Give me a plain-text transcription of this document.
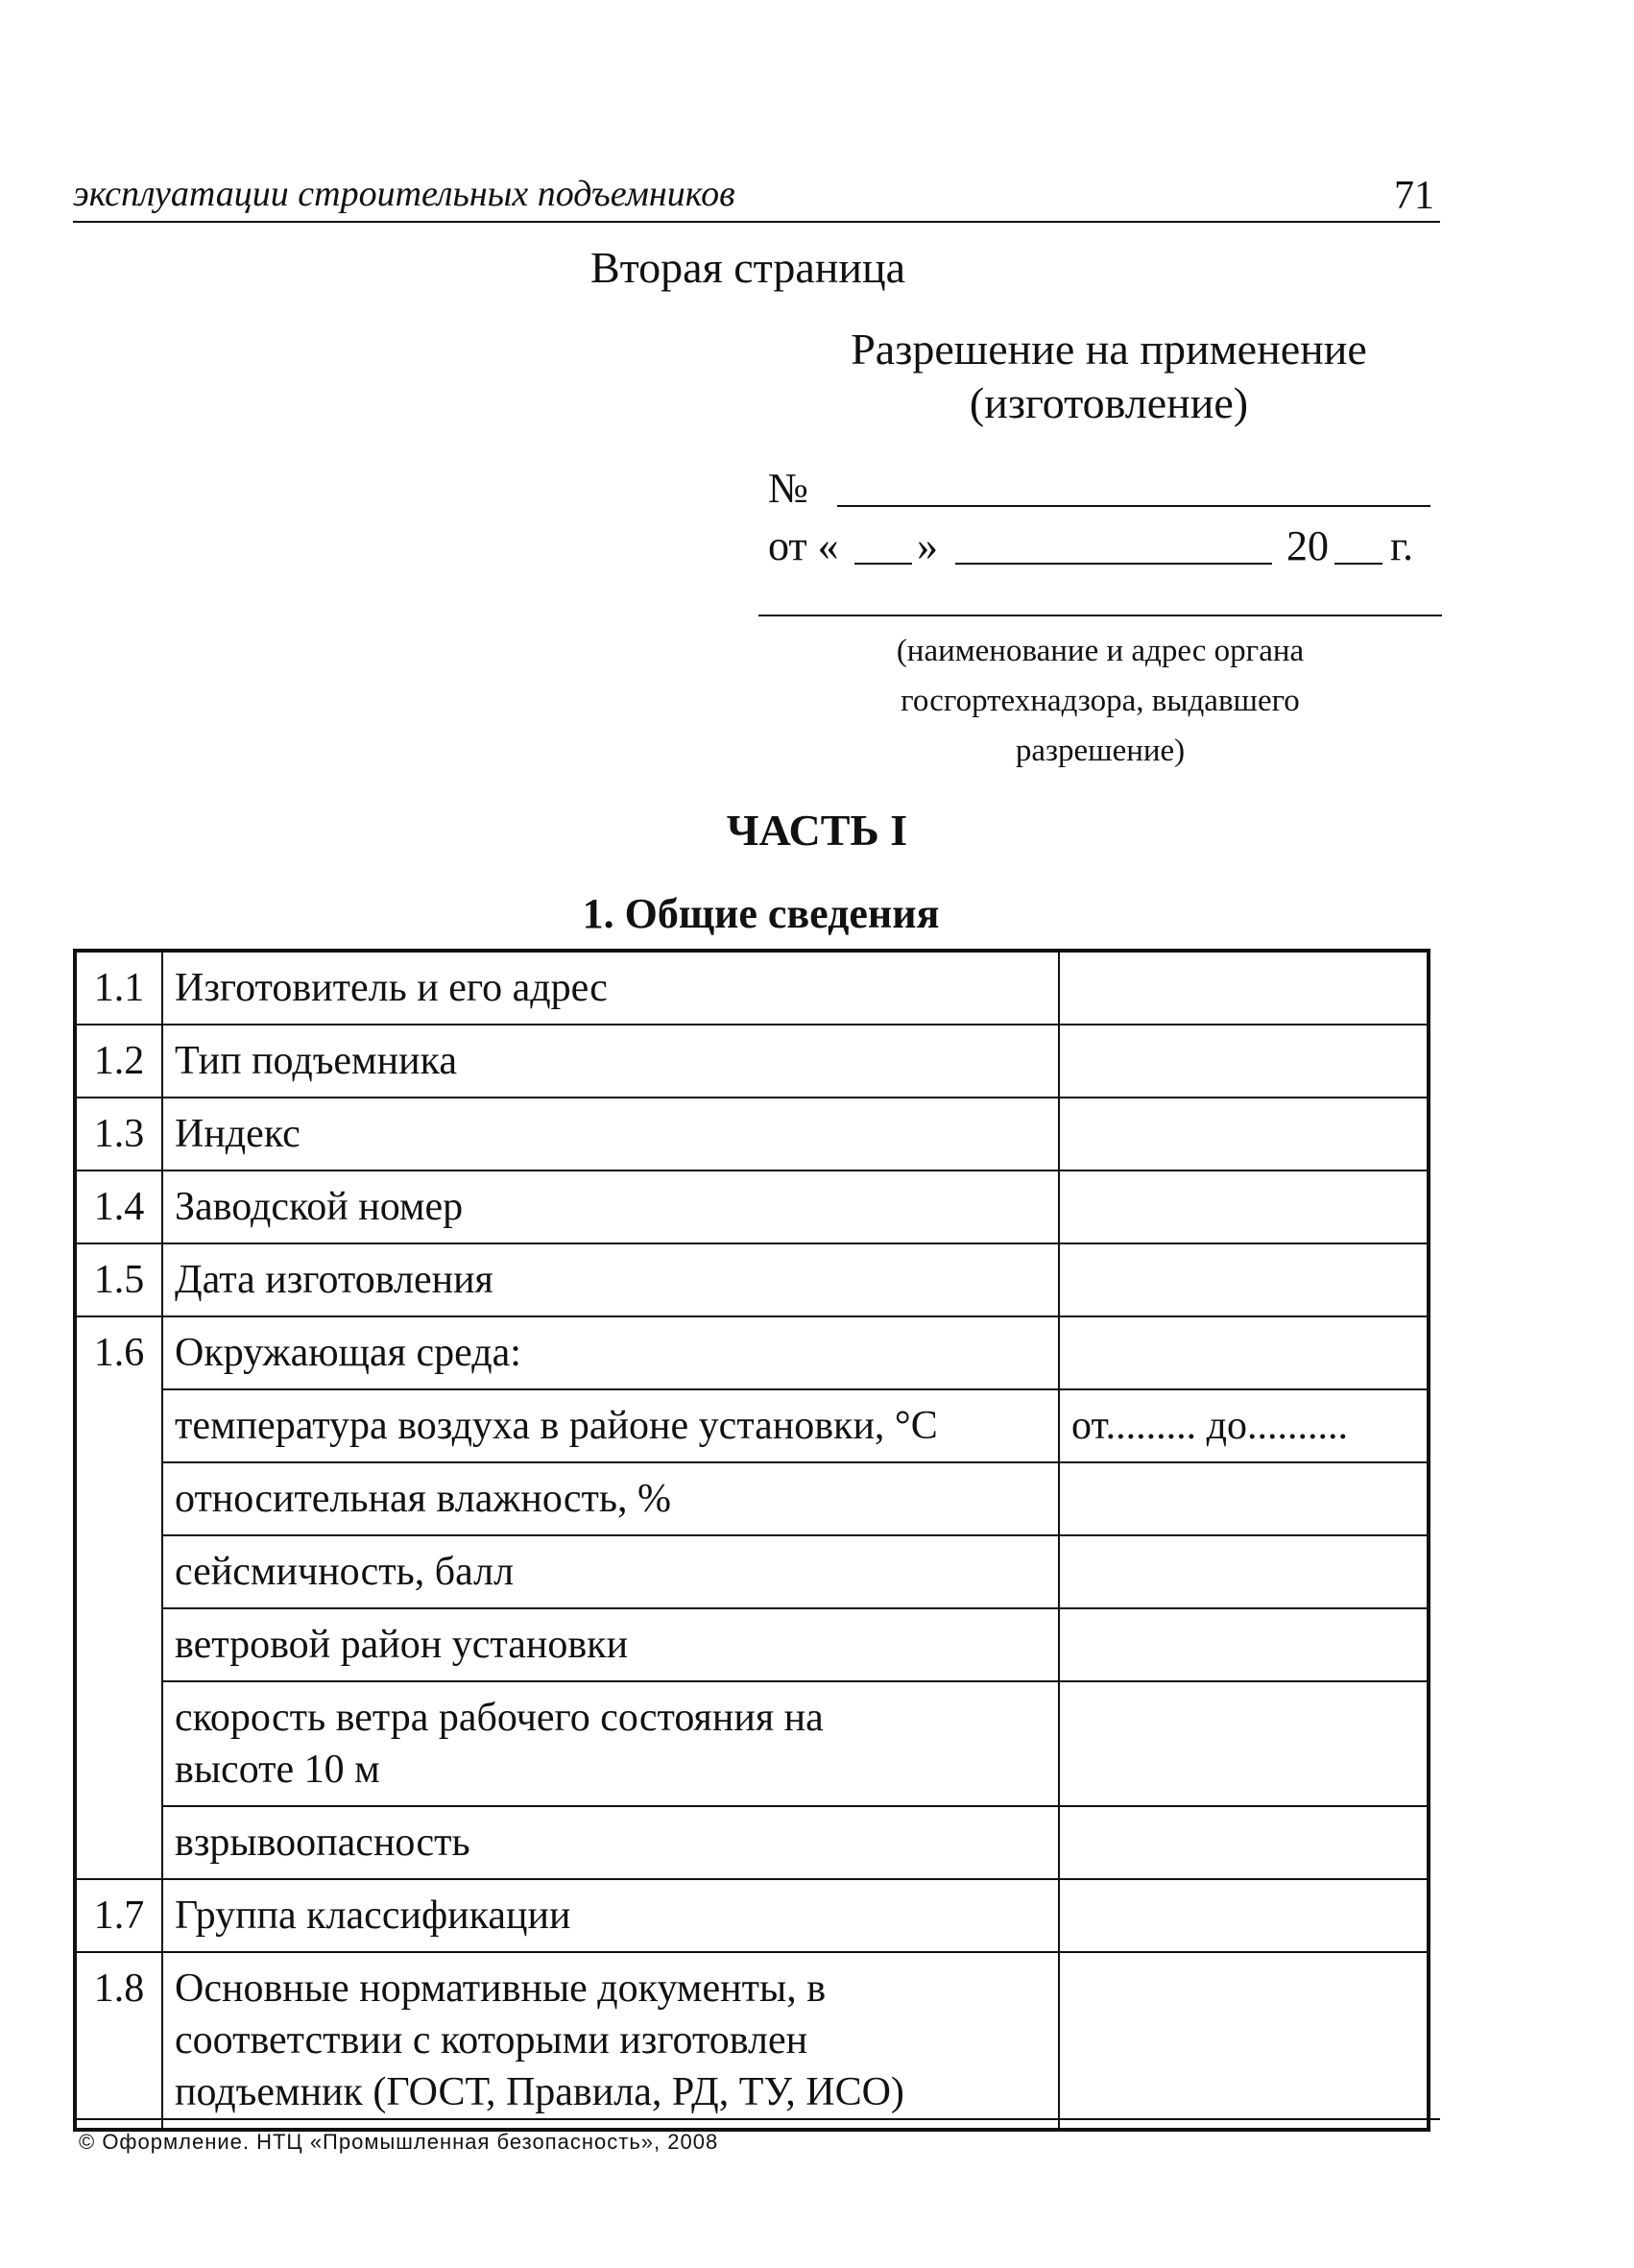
эксплуатации строительных подъемников	71
Вторая страница
Разрешение на применение
(изготовление)
№
от « »	20 г.
(наименование и адрес органа
госгортехнадзора, выдавшего
разрешение)
ЧАСТЬ I
1. Общие сведения
1.1	Изготовитель и его адрес	
1.2	Тип подъемника	
1.3	Индекс	
1.4	Заводской номер	
1.5	Дата изготовления	
1.6	Окружающая среда:	
	температура воздуха в районе установки, °C	от......... до..........
	относительная влажность, %	
	сейсмичность, балл	
	ветровой район установки	

	скорость ветра рабочего состояния на
высоте 10 м	

	взрывоопасность	
1.7	Группа классификации	
1.8	Основные нормативные документы, в
соответствии с которыми изготовлен
подъемник (ГОСТ, Правила, РД, ТУ, ИСО)	

© Оформление. НТЦ «Промышленная безопасность», 2008
